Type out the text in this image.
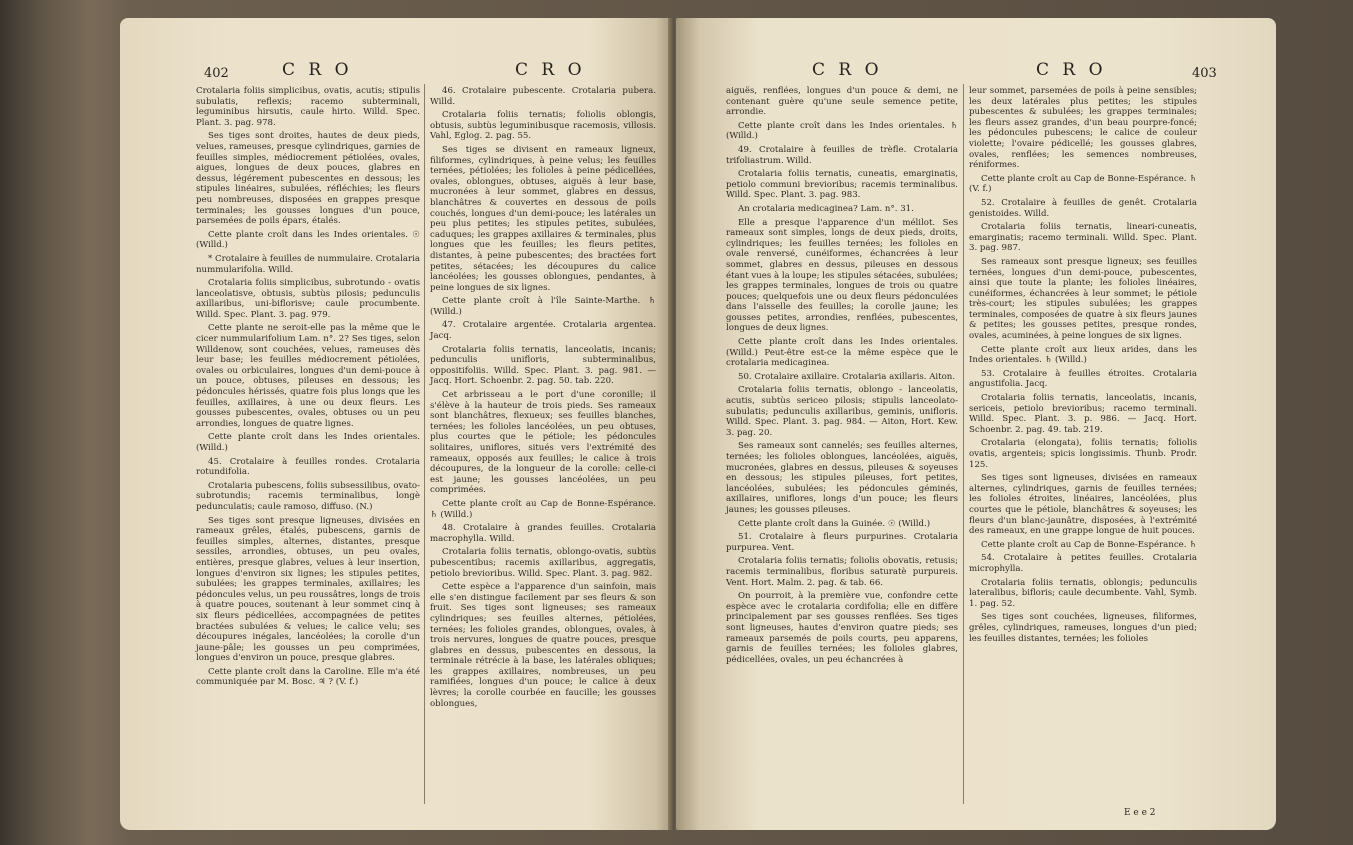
402	C R O	C R O

Crotalaria foliis simplicibus, ovatis, acutis; stipulis subulatis, reflexis; racemo subterminali, leguminibus hirsutis, caule hirto. Willd. Spec. Plant. 3. pag. 978.

Ses tiges sont droites, hautes de deux pieds, velues, rameuses, presque cylindriques, garnies de feuilles simples, médiocrement pétiolées, ovales, aigues, longues de deux pouces, glabres en dessus, légérement pubescentes en dessous; les stipules linéaires, subulées, réfléchies; les fleurs peu nombreuses, disposées en grappes presque terminales; les gousses longues d'un pouce, parsemées de poils épars, étalés.

Cette plante croît dans les Indes orientales. ☉ (Willd.)

* Crotalaire à feuilles de nummulaire. Crotalaria nummularifolia. Willd.

Crotalaria foliis simplicibus, subrotundo - ovatis lanceolatisve, obtusis, subtùs pilosis; pedunculis axillaribus, uni-biflorisve; caule procumbente. Willd. Spec. Plant. 3. pag. 979.

Cette plante ne seroit-elle pas la même que le cicer nummularifolium Lam. n°. 2? Ses tiges, selon Willdenow, sont couchées, velues, rameuses dès leur base; les feuilles médiocrement pétiolées, ovales ou orbiculaires, longues d'un demi-pouce à un pouce, obtuses, pileuses en dessous; les pédoncules hérissés, quatre fois plus longs que les feuilles, axillaires, à une ou deux fleurs. Les gousses pubescentes, ovales, obtuses ou un peu arrondies, longues de quatre lignes.

Cette plante croît dans les Indes orientales. (Willd.)

45. Crotalaire à feuilles rondes. Crotalaria rotundifolia.

Crotalaria pubescens, foliis subsessilibus, ovato-subrotundis; racemis terminalibus, longè pedunculatis; caule ramoso, diffuso. (N.)

Ses tiges sont presque ligneuses, divisées en rameaux grêles, étalés, pubescens, garnis de feuilles simples, alternes, distantes, presque sessiles, arrondies, obtuses, un peu ovales, entières, presque glabres, velues à leur insertion, longues d'environ six lignes; les stipules petites, subulées; les grappes terminales, axillaires; les pédoncules velus, un peu roussâtres, longs de trois à quatre pouces, soutenant à leur sommet cinq à six fleurs pédicellées, accompagnées de petites bractées subulées & velues; le calice velu; ses découpures inégales, lancéolées; la corolle d'un jaune-pâle; les gousses un peu comprimées, longues d'environ un pouce, presque glabres.

Cette plante croît dans la Caroline. Elle m'a été communiquée par M. Bosc. ♃ ? (V. f.)

46. Crotalaire pubescente. Crotalaria pubera. Willd.

Crotalaria foliis ternatis; foliolis oblongis, obtusis, subtùs leguminibusque racemosis, villosis. Vahl, Eglog. 2. pag. 55.

Ses tiges se divisent en rameaux ligneux, filiformes, cylindriques, à peine velus; les feuilles ternées, pétiolées; les folioles à peine pédicellées, ovales, oblongues, obtuses, aiguës à leur base, mucronées à leur sommet, glabres en dessus, blanchâtres & couvertes en dessous de poils couchés, longues d'un demi-pouce; les latérales un peu plus petites; les stipules petites, subulées, caduques; les grappes axillaires & terminales, plus longues que les feuilles; les fleurs petites, distantes, à peine pubescentes; des bractées fort petites, sétacées; les découpures du calice lancéolées; les gousses oblongues, pendantes, à peine longues de six lignes.

Cette plante croît à l'île Sainte-Marthe. ♄ (Willd.)

47. Crotalaire argentée. Crotalaria argentea. Jacq.

Crotalaria foliis ternatis, lanceolatis, incanis; pedunculis unifloris, subterminalibus, oppositifoliis. Willd. Spec. Plant. 3. pag. 981. — Jacq. Hort. Schoenbr. 2. pag. 50. tab. 220.

Cet arbrisseau a le port d'une coronille; il s'élève à la hauteur de trois pieds. Ses rameaux sont blanchâtres, flexueux; ses feuilles blanches, ternées; les folioles lancéolées, un peu obtuses, plus courtes que le pétiole; les pédoncules solitaires, uniflores, situés vers l'extrémité des rameaux, opposés aux feuilles; le calice à trois découpures, de la longueur de la corolle: celle-ci est jaune; les gousses lancéolées, un peu comprimées.

Cette plante croît au Cap de Bonne-Espérance. ♄ (Willd.)

48. Crotalaire à grandes feuilles. Crotalaria macrophylla. Willd.

Crotalaria foliis ternatis, oblongo-ovatis, subtùs pubescentibus; racemis axillaribus, aggregatis, petiolo brevioribus. Willd. Spec. Plant. 3. pag. 982.

Cette espèce a l'apparence d'un sainfoin, mais elle s'en distingue facilement par ses fleurs & son fruit. Ses tiges sont ligneuses; ses rameaux cylindriques; ses feuilles alternes, pétiolées, ternées; les folioles grandes, oblongues, ovales, à trois nervures, longues de quatre pouces, presque glabres en dessus, pubescentes en dessous, la terminale rétrécie à la base, les latérales obliques; les grappes axillaires, nombreuses, un peu ramifiées, longues d'un pouce; le calice à deux lèvres; la corolle courbée en faucille; les gousses oblongues,

C R O	C R O	403

aiguës, renflées, longues d'un pouce & demi, ne contenant guère qu'une seule semence petite, arrondie.

Cette plante croît dans les Indes orientales. ♄ (Willd.)

49. Crotalaire à feuilles de trèfle. Crotalaria trifoliastrum. Willd.

Crotalaria foliis ternatis, cuneatis, emarginatis, petiolo communi brevioribus; racemis terminalibus. Willd. Spec. Plant. 3. pag. 983.

An crotalaria medicaginea? Lam. n°. 31.

Elle a presque l'apparence d'un mélilot. Ses rameaux sont simples, longs de deux pieds, droits, cylindriques; les feuilles ternées; les folioles en ovale renversé, cunéiformes, échancrées à leur sommet, glabres en dessus, pileuses en dessous étant vues à la loupe; les stipules sétacées, subulées; les grappes terminales, longues de trois ou quatre pouces; quelquefois une ou deux fleurs pédonculées dans l'aisselle des feuilles; la corolle jaune; les gousses petites, arrondies, renflées, pubescentes, longues de deux lignes.

Cette plante croît dans les Indes orientales. (Willd.) Peut-être est-ce la même espèce que le crotalaria medicaginea.

50. Crotalaire axillaire. Crotalaria axillaris. Aiton.

Crotalaria foliis ternatis, oblongo - lanceolatis, acutis, subtùs sericeo pilosis; stipulis lanceolato-subulatis; pedunculis axillaribus, geminis, unifloris. Willd. Spec. Plant. 3. pag. 984. — Aiton, Hort. Kew. 3. pag. 20.

Ses rameaux sont cannelés; ses feuilles alternes, ternées; les folioles oblongues, lancéolées, aiguës, mucronées, glabres en dessus, pileuses & soyeuses en dessous; les stipules pileuses, fort petites, lancéolées, subulées; les pédoncules géminés, axillaires, uniflores, longs d'un pouce; les fleurs jaunes; les gousses pileuses.

Cette plante croît dans la Guinée. ☉ (Willd.)

51. Crotalaire à fleurs purpurines. Crotalaria purpurea. Vent.

Crotalaria foliis ternatis; foliolis obovatis, retusis; racemis terminalibus, floribus saturatè purpureis. Vent. Hort. Malm. 2. pag. & tab. 66.

On pourroit, à la première vue, confondre cette espèce avec le crotalaria cordifolia; elle en diffère principalement par ses gousses renflées. Ses tiges sont ligneuses, hautes d'environ quatre pieds; ses rameaux parsemés de poils courts, peu apparens, garnis de feuilles ternées; les folioles glabres, pédicellées, ovales, un peu échancrées à

leur sommet, parsemées de poils à peine sensibles; les deux latérales plus petites; les stipules pubescentes & subulées; les grappes terminales; les fleurs assez grandes, d'un beau pourpre-foncé; les pédoncules pubescens; le calice de couleur violette; l'ovaire pédicellé; les gousses glabres, ovales, renflées; les semences nombreuses, réniformes.

Cette plante croît au Cap de Bonne-Espérance. ♄ (V. f.)

52. Crotalaire à feuilles de genêt. Crotalaria genistoides. Willd.

Crotalaria foliis ternatis, lineari-cuneatis, emarginatis; racemo terminali. Willd. Spec. Plant. 3. pag. 987.

Ses rameaux sont presque ligneux; ses feuilles ternées, longues d'un demi-pouce, pubescentes, ainsi que toute la plante; les folioles linéaires, cunéiformes, échancrées à leur sommet; le pétiole très-court; les stipules subulées; les grappes terminales, composées de quatre à six fleurs jaunes & petites; les gousses petites, presque rondes, ovales, acuminées, à peine longues de six lignes.

Cette plante croît aux lieux arides, dans les Indes orientales. ♄ (Willd.)

53. Crotalaire à feuilles étroites. Crotalaria angustifolia. Jacq.

Crotalaria foliis ternatis, lanceolatis, incanis, sericeis, petiolo brevioribus; racemo terminali. Willd. Spec. Plant. 3. p. 986. — Jacq. Hort. Schoenbr. 2. pag. 49. tab. 219.

Crotalaria (elongata), foliis ternatis; foliolis ovatis, argenteis; spicis longissimis. Thunb. Prodr. 125.

Ses tiges sont ligneuses, divisées en rameaux alternes, cylindriques, garnis de feuilles ternées; les folioles étroites, linéaires, lancéolées, plus courtes que le pétiole, blanchâtres & soyeuses; les fleurs d'un blanc-jaunâtre, disposées, à l'extrémité des rameaux, en une grappe longue de huit pouces.

Cette plante croît au Cap de Bonne-Espérance. ♄

54. Crotalaire à petites feuilles. Crotalaria microphylla.

Crotalaria foliis ternatis, oblongis; pedunculis lateralibus, bifloris; caule decumbente. Vahl, Symb. 1. pag. 52.

Ses tiges sont couchées, ligneuses, filiformes, grêles, cylindriques, rameuses, longues d'un pied; les feuilles distantes, ternées; les folioles

E e e 2
